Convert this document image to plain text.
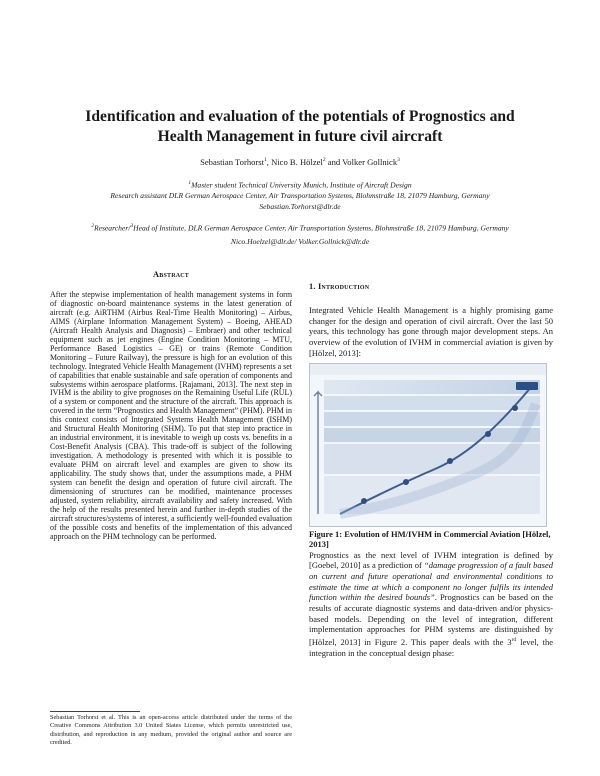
Identification and evaluation of the potentials of Prognostics and
Health Management in future civil aircraft
Sebastian Torhorst$^1$, Nico B. Hölzel$^2$ and Volker Gollnick$^3$
$^1$Master student Technical University Munich, Institute of Aircraft Design
Research assistant DLR German Aerospace Center, Air Transportation Systems, Blohmstraße 18, 21079 Hamburg, Germany
Sebastian.Torhorst@dlr.de
$^2$Researcher/$^3$Head of Institute, DLR German Aerospace Center, Air Transportation Systems, Blohmstraße 18, 21079 Hamburg, Germany
Nico.Hoelzel@dlr.de/ Volker.Gollnick@dlr.de
Abstract

After the stepwise implementation of health management systems in form of diagnostic on-board maintenance systems in the latest generation of aircraft (e.g. AiRTHM (Airbus Real-Time Health Monitoring) – Airbus, AIMS (Airplane Information Management System) – Boeing, AHEAD (Aircraft Health Analysis and Diagnosis) – Embraer) and other technical equipment such as jet engines (Engine Condition Monitoring – MTU, Performance Based Logistics – GE) or trains (Remote Condition Monitoring – Future Railway), the pressure is high for an evolution of this technology. Integrated Vehicle Health Management (IVHM) represents a set of capabilities that enable sustainable and safe operation of components and subsystems within aerospace platforms. [Rajamani, 2013]. The next step in IVHM is the ability to give prognoses on the Remaining Useful Life (RUL) of a system or component and the structure of the aircraft. This approach is covered in the term “Prognostics and Health Management” (PHM). PHM in this context consists of Integrated Systems Health Management (ISHM) and Structural Health Monitoring (SHM). To put that step into practice in an industrial environment, it is inevitable to weigh up costs vs. benefits in a Cost-Benefit Analysis (CBA). This trade-off is subject of the following investigation. A methodology is presented with which it is possible to evaluate PHM on aircraft level and examples are given to show its applicability. The study shows that, under the assumptions made, a PHM system can benefit the design and operation of future civil aircraft. The dimensioning of structures can be modified, maintenance processes adjusted, system reliability, aircraft availability and safety increased. With the help of the results presented herein and further in-depth studies of the aircraft structures/systems of interest, a sufficiently well-founded evaluation of the possible costs and benefits of the implementation of this advanced approach on the PHM technology can be performed.

1. Introduction

Integrated Vehicle Health Management is a highly promising game changer for the design and operation of civil aircraft. Over the last 50 years, this technology has gone through major development steps. An overview of the evolution of IVHM in commercial aviation is given by [Hölzel, 2013]:

Figure 1: Evolution of HM/IVHM in Commercial Aviation [Hölzel, 2013]

Prognostics as the next level of IVHM integration is defined by [Goebel, 2010] as a prediction of “damage progression of a fault based on current and future operational and environmental conditions to estimate the time at which a component no longer fulfils its intended function within the desired bounds”. Prognostics can be based on the results of accurate diagnostic systems and data-driven and/or physics-based models. Depending on the level of integration, different implementation approaches for PHM systems are distinguished by [Hölzel, 2013] in Figure 2. This paper deals with the 3rd level, the integration in the conceptual design phase:

Sebastian Torhorst et al. This is an open-access article distributed under the terms of the Creative Commons Attribution 3.0 United States License, which permits unrestricted use, distribution, and reproduction in any medium, provided the original author and source are credited.
